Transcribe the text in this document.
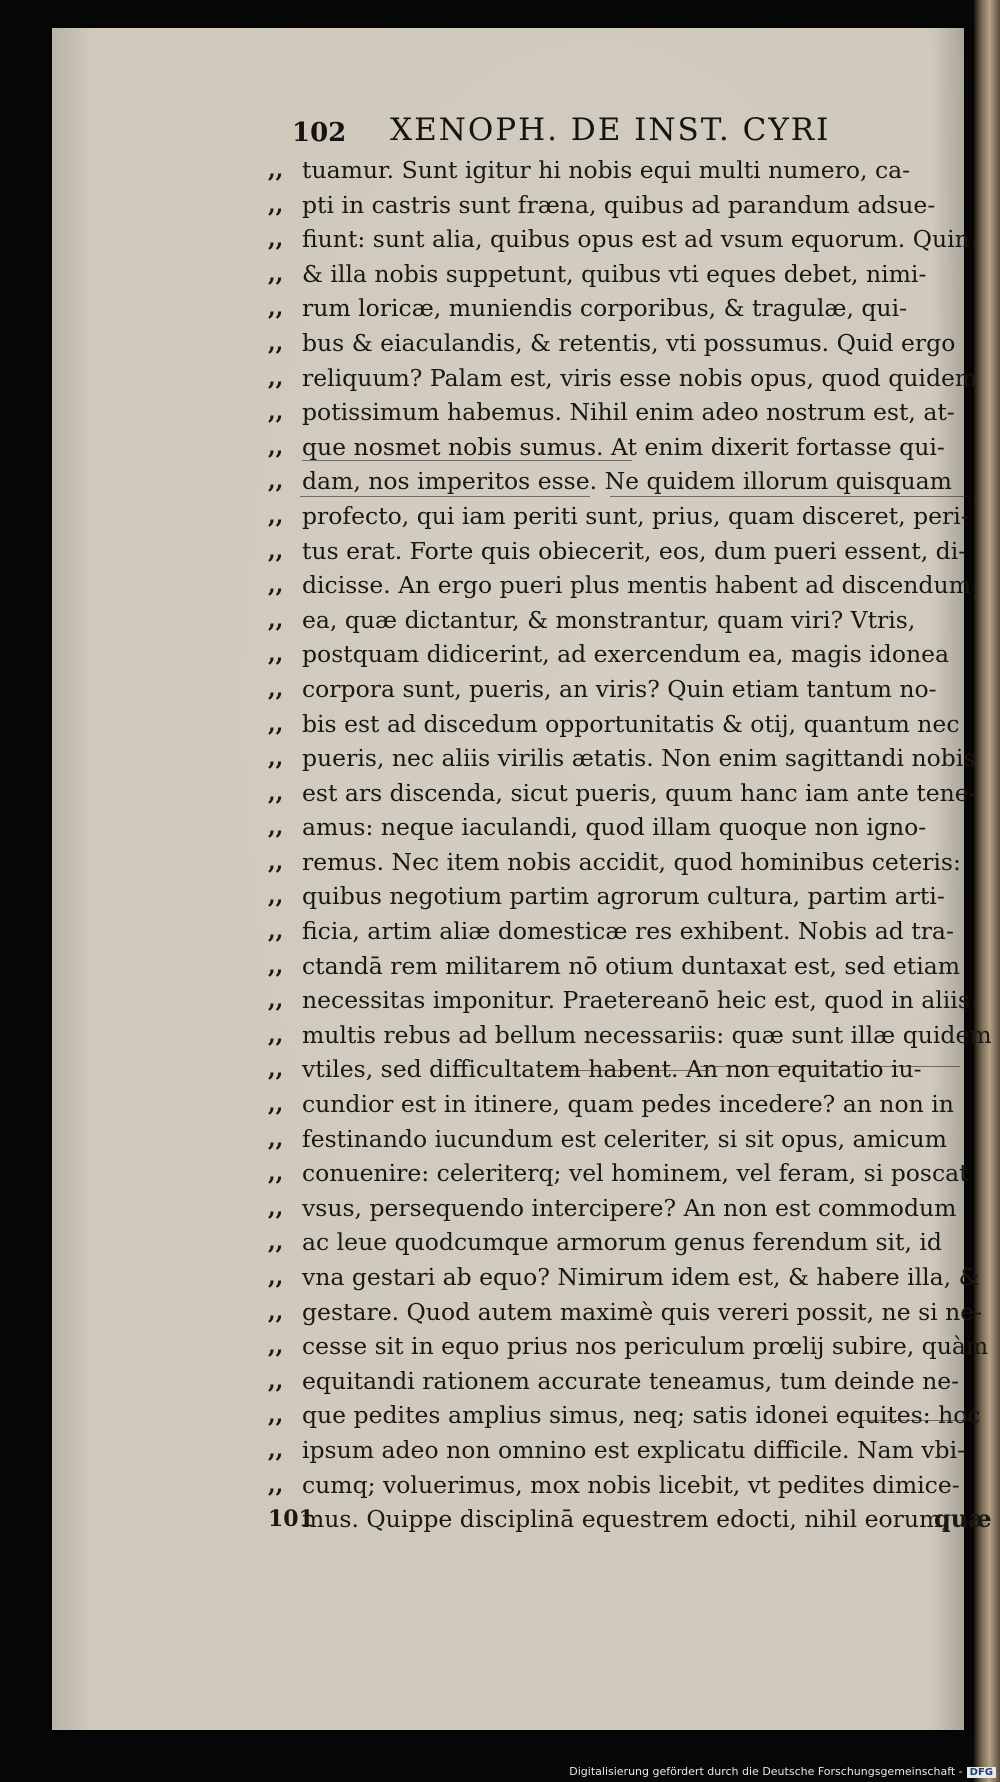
102 XENOPH. DE INST. CYRI
,, tuamur. Sunt igitur hi nobis equi multi numero, ca-
,, pti in castris sunt fræna, quibus ad parandum adsue-
,, fiunt: sunt alia, quibus opus est ad vsum equorum. Quin
,, & illa nobis suppetunt, quibus vti eques debet, nimi-
,, rum loricæ, muniendis corporibus, & tragulæ, qui-
,, bus & eiaculandis, & retentis, vti possumus. Quid ergo
,, reliquum? Palam est, viris esse nobis opus, quod quidem
,, potissimum habemus. Nihil enim adeo nostrum est, at-
,, que nosmet nobis sumus. At enim dixerit fortasse qui-
,, dam, nos imperitos esse. Ne quidem illorum quisquam
,, profecto, qui iam periti sunt, prius, quam disceret, peri-
,, tus erat. Forte quis obiecerit, eos, dum pueri essent, di-
,, dicisse. An ergo pueri plus mentis habent ad discendum
,, ea, quæ dictantur, & monstrantur, quam viri? Vtris,
,, postquam didicerint, ad exercendum ea, magis idonea
,, corpora sunt, pueris, an viris? Quin etiam tantum no-
,, bis est ad discedum opportunitatis & otij, quantum nec
,, pueris, nec aliis virilis ætatis. Non enim sagittandi nobis
,, est ars discenda, sicut pueris, quum hanc iam ante tene-
,, amus: neque iaculandi, quod illam quoque non igno-
,, remus. Nec item nobis accidit, quod hominibus ceteris:
,, quibus negotium partim agrorum cultura, partim arti-
,, ficia, artim aliæ domesticæ res exhibent. Nobis ad tra-
,, ctandā rem militarem nō otium duntaxat est, sed etiam
,, necessitas imponitur. Praetereanō heic est, quod in aliis
,, multis rebus ad bellum necessariis: quæ sunt illæ quidem
,, vtiles, sed difficultatem habent. An non equitatio iu-
,, cundior est in itinere, quam pedes incedere? an non in
,, festinando iucundum est celeriter, si sit opus, amicum
,, conuenire: celeriterq; vel hominem, vel feram, si poscat
,, vsus, persequendo intercipere? An non est commodum
,, ac leue quodcumque armorum genus ferendum sit, id
,, vna gestari ab equo? Nimirum idem est, & habere illa, &
,, gestare. Quod autem maximè quis vereri possit, ne si ne-
,, cesse sit in equo prius nos periculum prœlij subire, quàm
,, equitandi rationem accurate teneamus, tum deinde ne-
,, que pedites amplius simus, neq; satis idonei equites: hoc
,, ipsum adeo non omnino est explicatu difficile. Nam vbi-
,, cumq; voluerimus, mox nobis licebit, vt pedites dimice-
101
mus. Quippe disciplinā equestrem edocti, nihil eorum,
quæ
Digitalisierung gefördert durch die Deutsche Forschungsgemeinschaft - DFG
